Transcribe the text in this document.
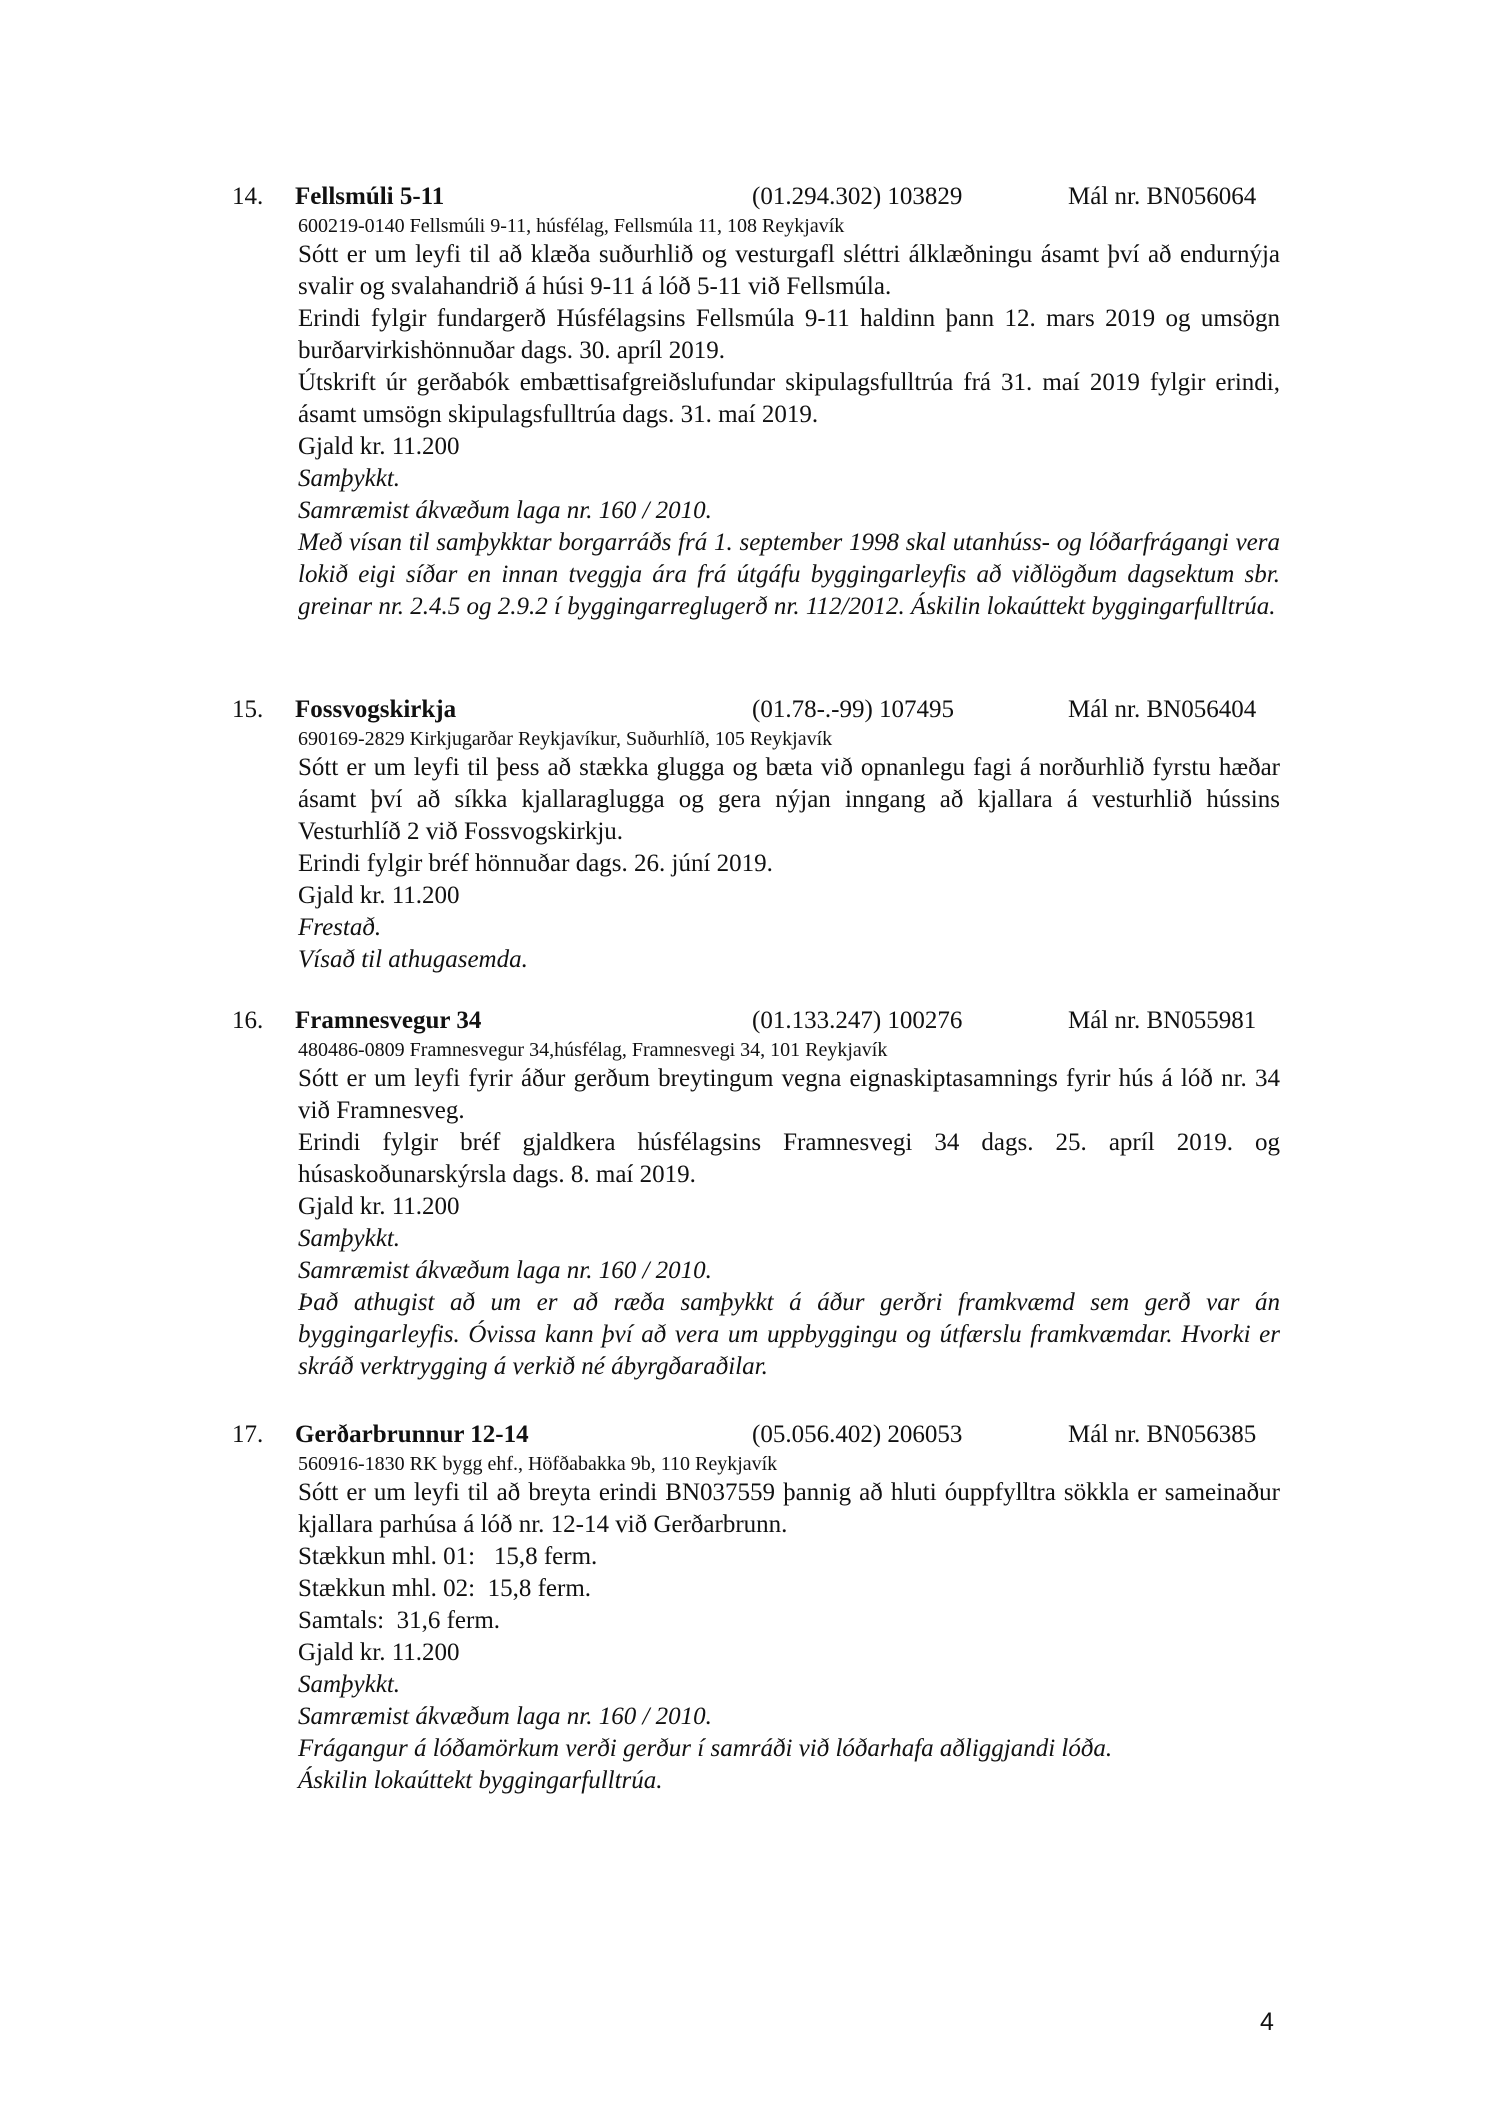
14. Fellsmúli 5-11	(01.294.302) 103829	Mál nr. BN056064
600219-0140 Fellsmúli 9-11, húsfélag, Fellsmúla 11, 108 Reykjavík
Sótt er um leyfi til að klæða suðurhlið og vesturgafl sléttri álklæðningu ásamt því að endurnýja svalir og svalahandrið á húsi 9-11 á lóð 5-11 við Fellsmúla.
Erindi fylgir fundargerð Húsfélagsins Fellsmúla 9-11 haldinn þann 12. mars 2019 og umsögn burðarvirkishönnuðar dags. 30. apríl 2019.
Útskrift úr gerðabók embættisafgreiðslufundar skipulagsfulltrúa frá 31. maí 2019 fylgir erindi, ásamt umsögn skipulagsfulltrúa dags. 31. maí 2019.
Gjald kr. 11.200
Samþykkt.
Samræmist ákvæðum laga nr. 160 / 2010.
Með vísan til samþykktar borgarráðs frá 1. september 1998 skal utanhúss- og lóðarfrágangi vera lokið eigi síðar en innan tveggja ára frá útgáfu byggingarleyfis að viðlögðum dagsektum sbr. greinar nr. 2.4.5 og 2.9.2 í byggingarreglugerð nr. 112/2012. Áskilin lokaúttekt byggingarfulltrúa.
15. Fossvogskirkja	(01.78-.-99) 107495	Mál nr. BN056404
690169-2829 Kirkjugarðar Reykjavíkur, Suðurhlíð, 105 Reykjavík
Sótt er um leyfi til þess að stækka glugga og bæta við opnanlegu fagi á norðurhlið fyrstu hæðar ásamt því að síkka kjallaraglugga og gera nýjan inngang að kjallara á vesturhlið hússins Vesturhlíð 2 við Fossvogskirkju.
Erindi fylgir bréf hönnuðar dags. 26. júní 2019.
Gjald kr. 11.200
Frestað.
Vísað til athugasemda.
16. Framnesvegur 34	(01.133.247) 100276	Mál nr. BN055981
480486-0809 Framnesvegur 34,húsfélag, Framnesvegi 34, 101 Reykjavík
Sótt er um leyfi fyrir áður gerðum breytingum vegna eignaskiptasamnings fyrir hús á lóð nr. 34 við Framnesveg.
Erindi fylgir bréf gjaldkera húsfélagsins Framnesvegi 34 dags. 25. apríl 2019. og húsaskoðunarskýrsla dags. 8. maí 2019.
Gjald kr. 11.200
Samþykkt.
Samræmist ákvæðum laga nr. 160 / 2010.
Það athugist að um er að ræða samþykkt á áður gerðri framkvæmd sem gerð var án byggingarleyfis. Óvissa kann því að vera um uppbyggingu og útfærslu framkvæmdar. Hvorki er skráð verktrygging á verkið né ábyrgðaraðilar.
17. Gerðarbrunnur 12-14	(05.056.402) 206053	Mál nr. BN056385
560916-1830 RK bygg ehf., Höfðabakka 9b, 110 Reykjavík
Sótt er um leyfi til að breyta erindi BN037559 þannig að hluti óuppfylltra sökkla er sameinaður kjallara parhúsa á lóð nr. 12-14 við Gerðarbrunn.
Stækkun mhl. 01:   15,8 ferm.
Stækkun mhl. 02:  15,8 ferm.
Samtals:  31,6 ferm.
Gjald kr. 11.200
Samþykkt.
Samræmist ákvæðum laga nr. 160 / 2010.
Frágangur á lóðamörkum verði gerður í samráði við lóðarhafa aðliggjandi lóða.
Áskilin lokaúttekt byggingarfulltrúa.
4
